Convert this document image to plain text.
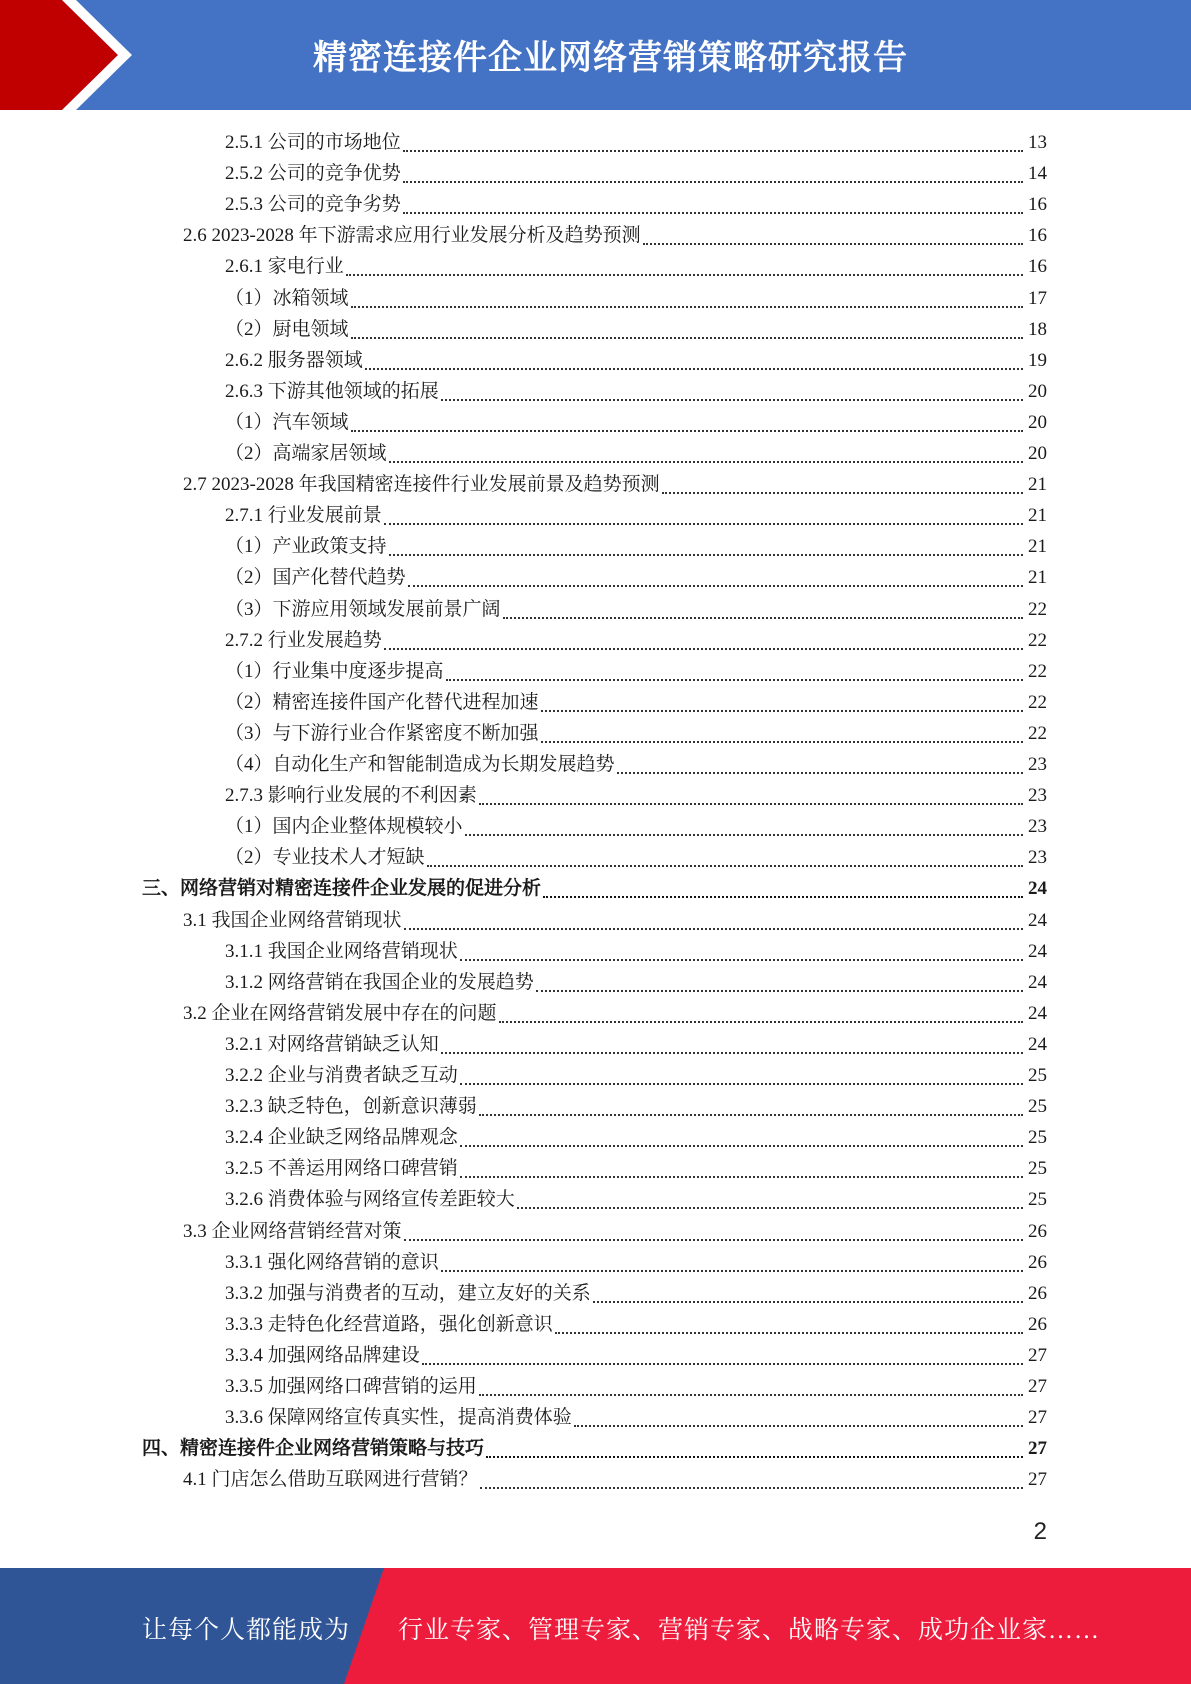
精密连接件企业网络营销策略研究报告
2.5.1 公司的市场地位	13
2.5.2 公司的竞争优势	14
2.5.3 公司的竞争劣势	16
2.6 2023-2028 年下游需求应用行业发展分析及趋势预测	16
2.6.1 家电行业	16
（1）冰箱领域	17
（2）厨电领域	18
2.6.2 服务器领域	19
2.6.3 下游其他领域的拓展	20
（1）汽车领域	20
（2）高端家居领域	20
2.7 2023-2028 年我国精密连接件行业发展前景及趋势预测	21
2.7.1 行业发展前景	21
（1）产业政策支持	21
（2）国产化替代趋势	21
（3）下游应用领域发展前景广阔	22
2.7.2 行业发展趋势	22
（1）行业集中度逐步提高	22
（2）精密连接件国产化替代进程加速	22
（3）与下游行业合作紧密度不断加强	22
（4）自动化生产和智能制造成为长期发展趋势	23
2.7.3 影响行业发展的不利因素	23
（1）国内企业整体规模较小	23
（2）专业技术人才短缺	23
三、网络营销对精密连接件企业发展的促进分析	24
3.1 我国企业网络营销现状	24
3.1.1 我国企业网络营销现状	24
3.1.2 网络营销在我国企业的发展趋势	24
3.2 企业在网络营销发展中存在的问题	24
3.2.1 对网络营销缺乏认知	24
3.2.2 企业与消费者缺乏互动	25
3.2.3 缺乏特色，创新意识薄弱	25
3.2.4 企业缺乏网络品牌观念	25
3.2.5 不善运用网络口碑营销	25
3.2.6 消费体验与网络宣传差距较大	25
3.3 企业网络营销经营对策	26
3.3.1 强化网络营销的意识	26
3.3.2 加强与消费者的互动，建立友好的关系	26
3.3.3 走特色化经营道路，强化创新意识	26
3.3.4 加强网络品牌建设	27
3.3.5 加强网络口碑营销的运用	27
3.3.6 保障网络宣传真实性，提高消费体验	27
四、精密连接件企业网络营销策略与技巧	27
4.1 门店怎么借助互联网进行营销？	27
2
让每个人都能成为 行业专家、管理专家、营销专家、战略专家、成功企业家……
